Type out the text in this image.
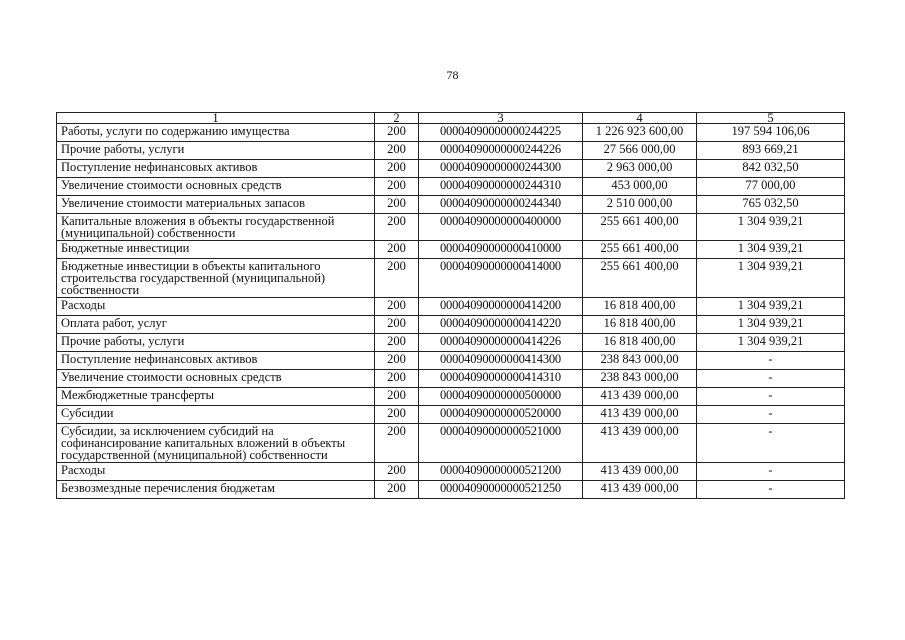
78
1	2	3	4	5
Работы, услуги по содержанию имущества	200	00004090000000244225	1 226 923 600,00	197 594 106,06
Прочие работы, услуги	200	00004090000000244226	27 566 000,00	893 669,21
Поступление нефинансовых активов	200	00004090000000244300	2 963 000,00	842 032,50
Увеличение стоимости основных средств	200	00004090000000244310	453 000,00	77 000,00
Увеличение стоимости материальных запасов	200	00004090000000244340	2 510 000,00	765 032,50
Капитальные вложения в объекты государственной (муниципальной) собственности	200	00004090000000400000	255 661 400,00	1 304 939,21
Бюджетные инвестиции	200	00004090000000410000	255 661 400,00	1 304 939,21
Бюджетные инвестиции в объекты капитального строительства государственной (муниципальной) собственности	200	00004090000000414000	255 661 400,00	1 304 939,21
Расходы	200	00004090000000414200	16 818 400,00	1 304 939,21
Оплата работ, услуг	200	00004090000000414220	16 818 400,00	1 304 939,21
Прочие работы, услуги	200	00004090000000414226	16 818 400,00	1 304 939,21
Поступление нефинансовых активов	200	00004090000000414300	238 843 000,00	-
Увеличение стоимости основных средств	200	00004090000000414310	238 843 000,00	-
Межбюджетные трансферты	200	00004090000000500000	413 439 000,00	-
Субсидии	200	00004090000000520000	413 439 000,00	-
Субсидии, за исключением субсидий на софинансирование капитальных вложений в объекты государственной (муниципальной) собственности	200	00004090000000521000	413 439 000,00	-
Расходы	200	00004090000000521200	413 439 000,00	-
Безвозмездные перечисления бюджетам	200	00004090000000521250	413 439 000,00	-
